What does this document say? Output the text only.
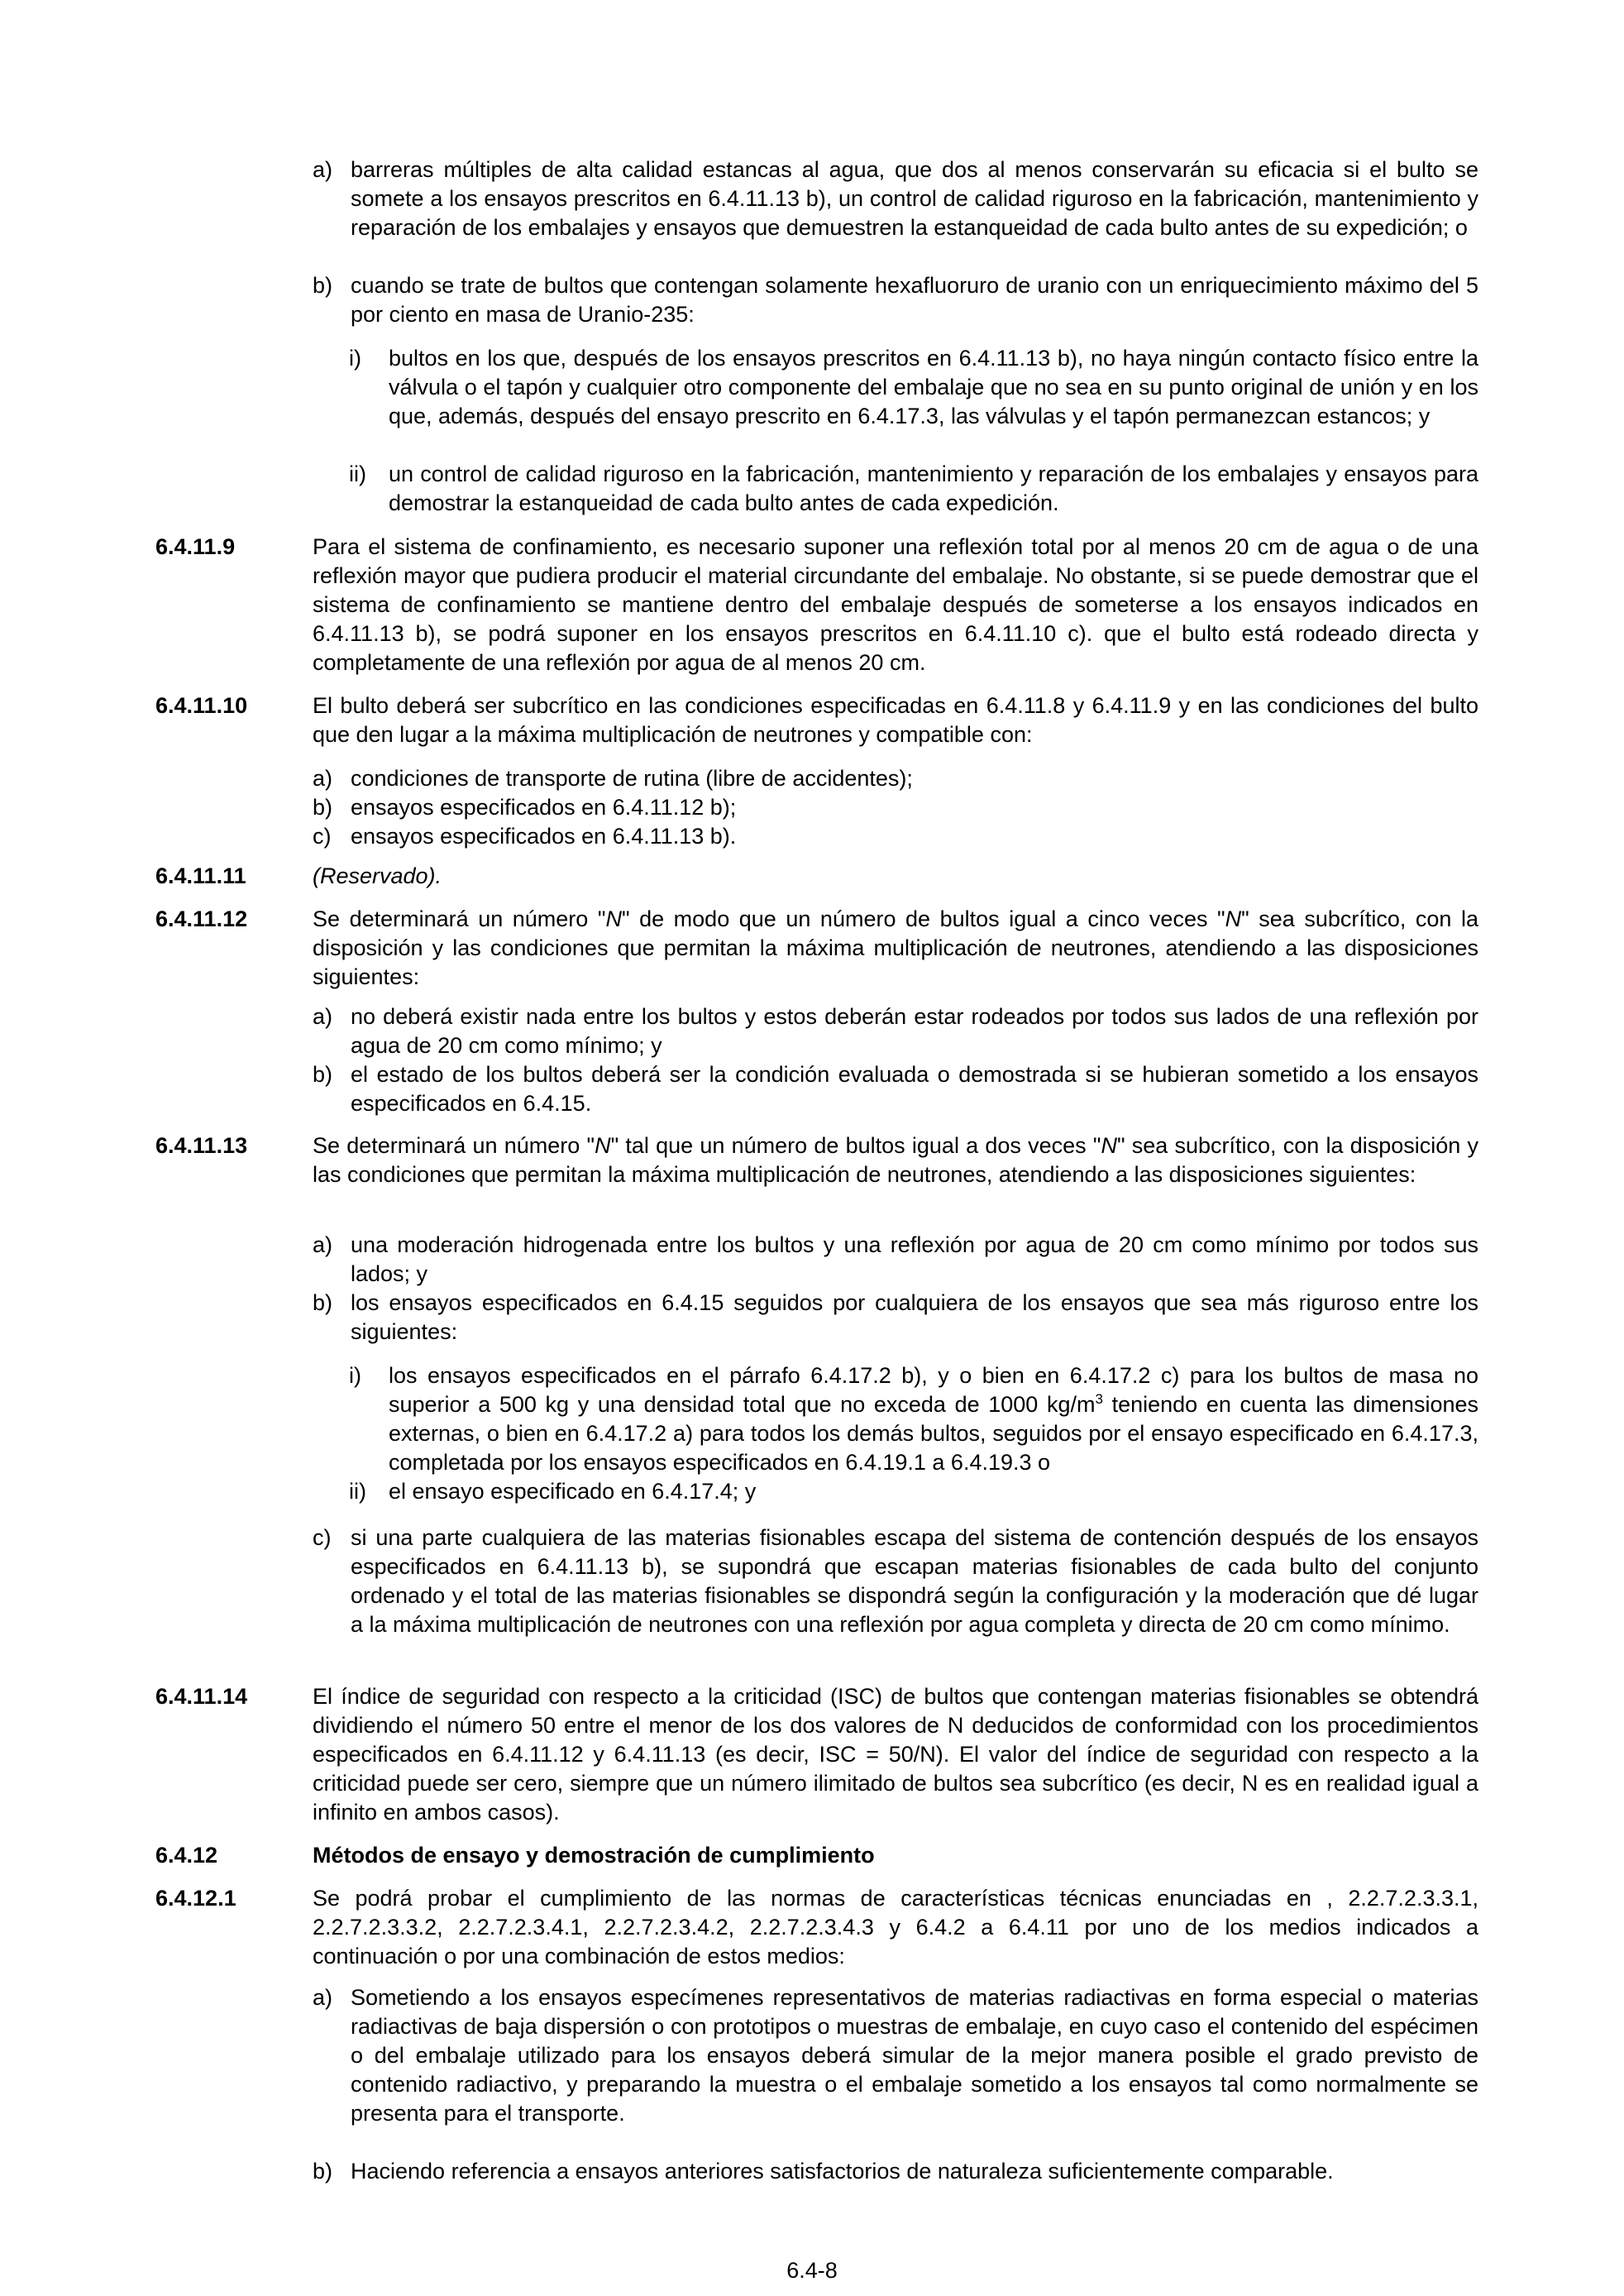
a) barreras múltiples de alta calidad estancas al agua, que dos al menos conservarán su eficacia si el bulto se somete a los ensayos prescritos en 6.4.11.13 b), un control de calidad riguroso en la fabricación, mantenimiento y reparación de los embalajes y ensayos que demuestren la estanqueidad de cada bulto antes de su expedición; o
b) cuando se trate de bultos que contengan solamente hexafluoruro de uranio con un enriquecimiento máximo del 5 por ciento en masa de Uranio-235:
i) bultos en los que, después de los ensayos prescritos en 6.4.11.13 b), no haya ningún contacto físico entre la válvula o el tapón y cualquier otro componente del embalaje que no sea en su punto original de unión y en los que, además, después del ensayo prescrito en 6.4.17.3, las válvulas y el tapón permanezcan estancos; y
ii) un control de calidad riguroso en la fabricación, mantenimiento y reparación de los embalajes y ensayos para demostrar la estanqueidad de cada bulto antes de cada expedición.
6.4.11.9	Para el sistema de confinamiento, es necesario suponer una reflexión total por al menos 20 cm de agua o de una reflexión mayor que pudiera producir el material circundante del embalaje. No obstante, si se puede demostrar que el sistema de confinamiento se mantiene dentro del embalaje después de someterse a los ensayos indicados en 6.4.11.13 b), se podrá suponer en los ensayos prescritos en 6.4.11.10 c). que el bulto está rodeado directa y completamente de una reflexión por agua de al menos 20 cm.
6.4.11.10	El bulto deberá ser subcrítico en las condiciones especificadas en 6.4.11.8 y 6.4.11.9 y en las condiciones del bulto que den lugar a la máxima multiplicación de neutrones y compatible con:
a) condiciones de transporte de rutina (libre de accidentes);
b) ensayos especificados en 6.4.11.12 b);
c) ensayos especificados en 6.4.11.13 b).
6.4.11.11	(Reservado).
6.4.11.12	Se determinará un número "N" de modo que un número de bultos igual a cinco veces "N" sea subcrítico, con la disposición y las condiciones que permitan la máxima multiplicación de neutrones, atendiendo a las disposiciones siguientes:
a) no deberá existir nada entre los bultos y estos deberán estar rodeados por todos sus lados de una reflexión por agua de 20 cm como mínimo; y
b) el estado de los bultos deberá ser la condición evaluada o demostrada si se hubieran sometido a los ensayos especificados en 6.4.15.
6.4.11.13	Se determinará un número "N" tal que un número de bultos igual a dos veces "N" sea subcrítico, con la disposición y las condiciones que permitan la máxima multiplicación de neutrones, atendiendo a las disposiciones siguientes:
a) una moderación hidrogenada entre los bultos y una reflexión por agua de 20 cm como mínimo por todos sus lados; y
b) los ensayos especificados en 6.4.15 seguidos por cualquiera de los ensayos que sea más riguroso entre los siguientes:
i) los ensayos especificados en el párrafo 6.4.17.2 b), y o bien en 6.4.17.2 c) para los bultos de masa no superior a 500 kg y una densidad total que no exceda de 1000 $kg/m^3$ teniendo en cuenta las dimensiones externas, o bien en 6.4.17.2 a) para todos los demás bultos, seguidos por el ensayo especificado en 6.4.17.3, completada por los ensayos especificados en 6.4.19.1 a 6.4.19.3 o
ii) el ensayo especificado en 6.4.17.4; y
c) si una parte cualquiera de las materias fisionables escapa del sistema de contención después de los ensayos especificados en 6.4.11.13 b), se supondrá que escapan materias fisionables de cada bulto del conjunto ordenado y el total de las materias fisionables se dispondrá según la configuración y la moderación que dé lugar a la máxima multiplicación de neutrones con una reflexión por agua completa y directa de 20 cm como mínimo.
6.4.11.14	El índice de seguridad con respecto a la criticidad (ISC) de bultos que contengan materias fisionables se obtendrá dividiendo el número 50 entre el menor de los dos valores de N deducidos de conformidad con los procedimientos especificados en 6.4.11.12 y 6.4.11.13 (es decir, ISC = 50/N). El valor del índice de seguridad con respecto a la criticidad puede ser cero, siempre que un número ilimitado de bultos sea subcrítico (es decir, N es en realidad igual a infinito en ambos casos).
6.4.12	Métodos de ensayo y demostración de cumplimiento
6.4.12.1	Se podrá probar el cumplimiento de las normas de características técnicas enunciadas en , 2.2.7.2.3.3.1, 2.2.7.2.3.3.2, 2.2.7.2.3.4.1, 2.2.7.2.3.4.2, 2.2.7.2.3.4.3 y 6.4.2 a 6.4.11 por uno de los medios indicados a continuación o por una combinación de estos medios:
a) Sometiendo a los ensayos especímenes representativos de materias radiactivas en forma especial o materias radiactivas de baja dispersión o con prototipos o muestras de embalaje, en cuyo caso el contenido del espécimen o del embalaje utilizado para los ensayos deberá simular de la mejor manera posible el grado previsto de contenido radiactivo, y preparando la muestra o el embalaje sometido a los ensayos tal como normalmente se presenta para el transporte.
b) Haciendo referencia a ensayos anteriores satisfactorios de naturaleza suficientemente comparable.
6.4-8
